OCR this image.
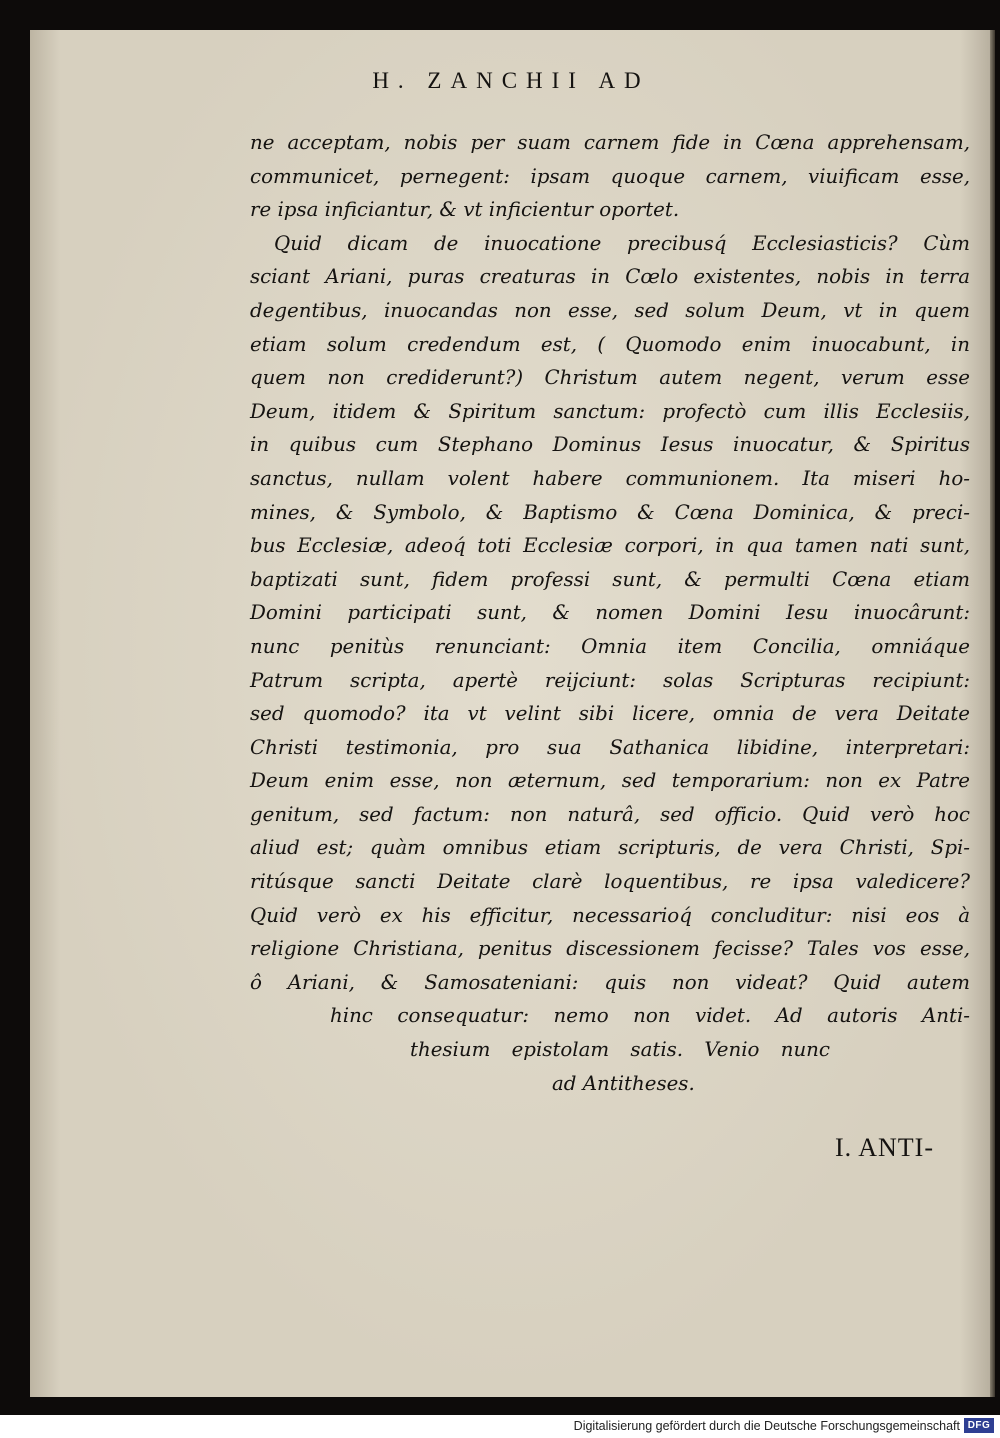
H. ZANCHII AD
ne acceptam, nobis per suam carnem fide in Cœna apprehensam,
communicet, pernegent: ipsam quoque carnem, viuificam esse,
re ipsa inficiantur, & vt inficientur oportet.
Quid dicam de inuocatione precibusq́ Ecclesiasticis? Cùm
sciant Ariani, puras creaturas in Cœlo existentes, nobis in terra
degentibus, inuocandas non esse, sed solum Deum, vt in quem
etiam solum credendum est, ( Quomodo enim inuocabunt, in
quem non crediderunt?) Christum autem negent, verum esse
Deum, itidem & Spiritum sanctum: profectò cum illis Ecclesiis,
in quibus cum Stephano Dominus Iesus inuocatur, & Spiritus
sanctus, nullam volent habere communionem. Ita miseri ho-
mines, & Symbolo, & Baptismo & Cœna Dominica, & preci-
bus Ecclesiæ, adeoq́ toti Ecclesiæ corpori, in qua tamen nati sunt,
baptizati sunt, fidem professi sunt, & permulti Cœna etiam
Domini participati sunt, & nomen Domini Iesu inuocârunt:
nunc penitùs renunciant: Omnia item Concilia, omniáque
Patrum scripta, apertè reijciunt: solas Scripturas recipiunt:
sed quomodo? ita vt velint sibi licere, omnia de vera Deitate
Christi testimonia, pro sua Sathanica libidine, interpretari:
Deum enim esse, non æternum, sed temporarium: non ex Patre
genitum, sed factum: non naturâ, sed officio. Quid verò hoc
aliud est; quàm omnibus etiam scripturis, de vera Christi, Spi-
ritúsque sancti Deitate clarè loquentibus, re ipsa valedicere?
Quid verò ex his efficitur, necessarioq́ concluditur: nisi eos à
religione Christiana, penitus discessionem fecisse? Tales vos esse,
ô Ariani, & Samosateniani: quis non videat? Quid autem
hinc consequatur: nemo non videt. Ad autoris Anti-
thesium epistolam satis. Venio nunc
ad Antitheses.
I. ANTI-
Digitalisierung gefördert durch die Deutsche Forschungsgemeinschaft DFG
